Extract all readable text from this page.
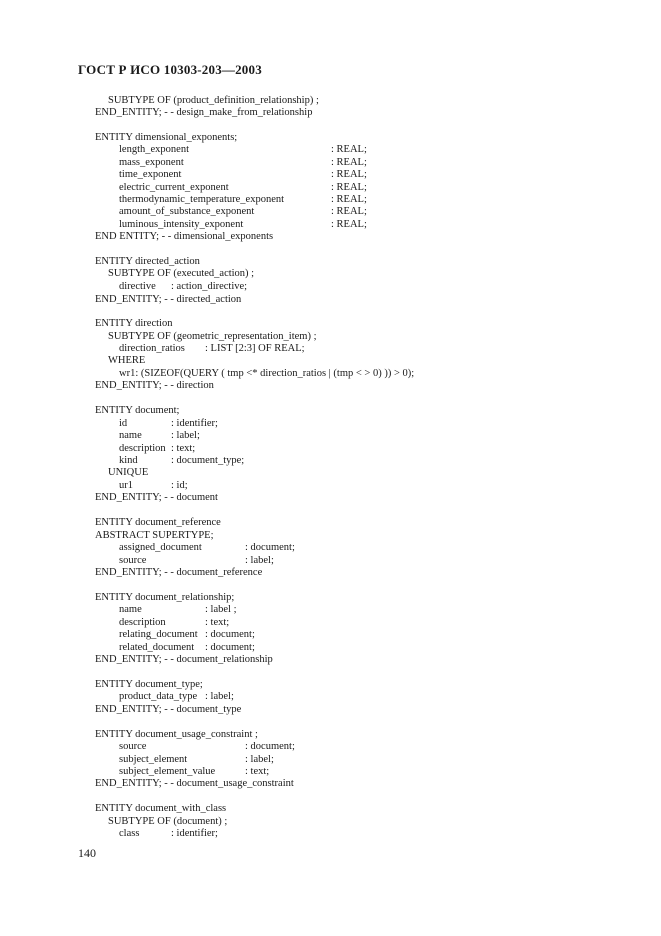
ГОСТ Р ИСО 10303-203—2003
SUBTYPE OF (product_definition_relationship) ;
END_ENTITY; - - design_make_from_relationship
ENTITY dimensional_exponents;
length_exponent	: REAL;
mass_exponent	: REAL;
time_exponent	: REAL;
electric_current_exponent	: REAL;
thermodynamic_temperature_exponent	: REAL;
amount_of_substance_exponent	: REAL;
luminous_intensity_exponent	: REAL;
END ENTITY; - - dimensional_exponents
ENTITY directed_action
SUBTYPE OF (executed_action) ;
directive : action_directive;
END_ENTITY; - - directed_action
ENTITY direction
SUBTYPE OF (geometric_representation_item) ;
direction_ratios : LIST [2:3] OF REAL;
WHERE
wr1: (SIZEOF(QUERY ( tmp <* direction_ratios | (tmp < > 0) )) > 0);
END_ENTITY; - - direction
ENTITY document;
id	: identifier;
name	: label;
description : text;
kind	: document_type;
UNIQUE
ur1	: id;
END_ENTITY; - - document
ENTITY document_reference
ABSTRACT SUPERTYPE;
assigned_document	: document;
source	: label;
END_ENTITY; - - document_reference
ENTITY document_relationship;
name	: label ;
description	: text;
relating_document : document;
related_document : document;
END_ENTITY; - - document_relationship
ENTITY document_type;
product_data_type : label;
END_ENTITY; - - document_type
ENTITY document_usage_constraint ;
source	: document;
subject_element	: label;
subject_element_value	: text;
END_ENTITY; - - document_usage_constraint
ENTITY document_with_class
SUBTYPE OF (document) ;
class	: identifier;
140
